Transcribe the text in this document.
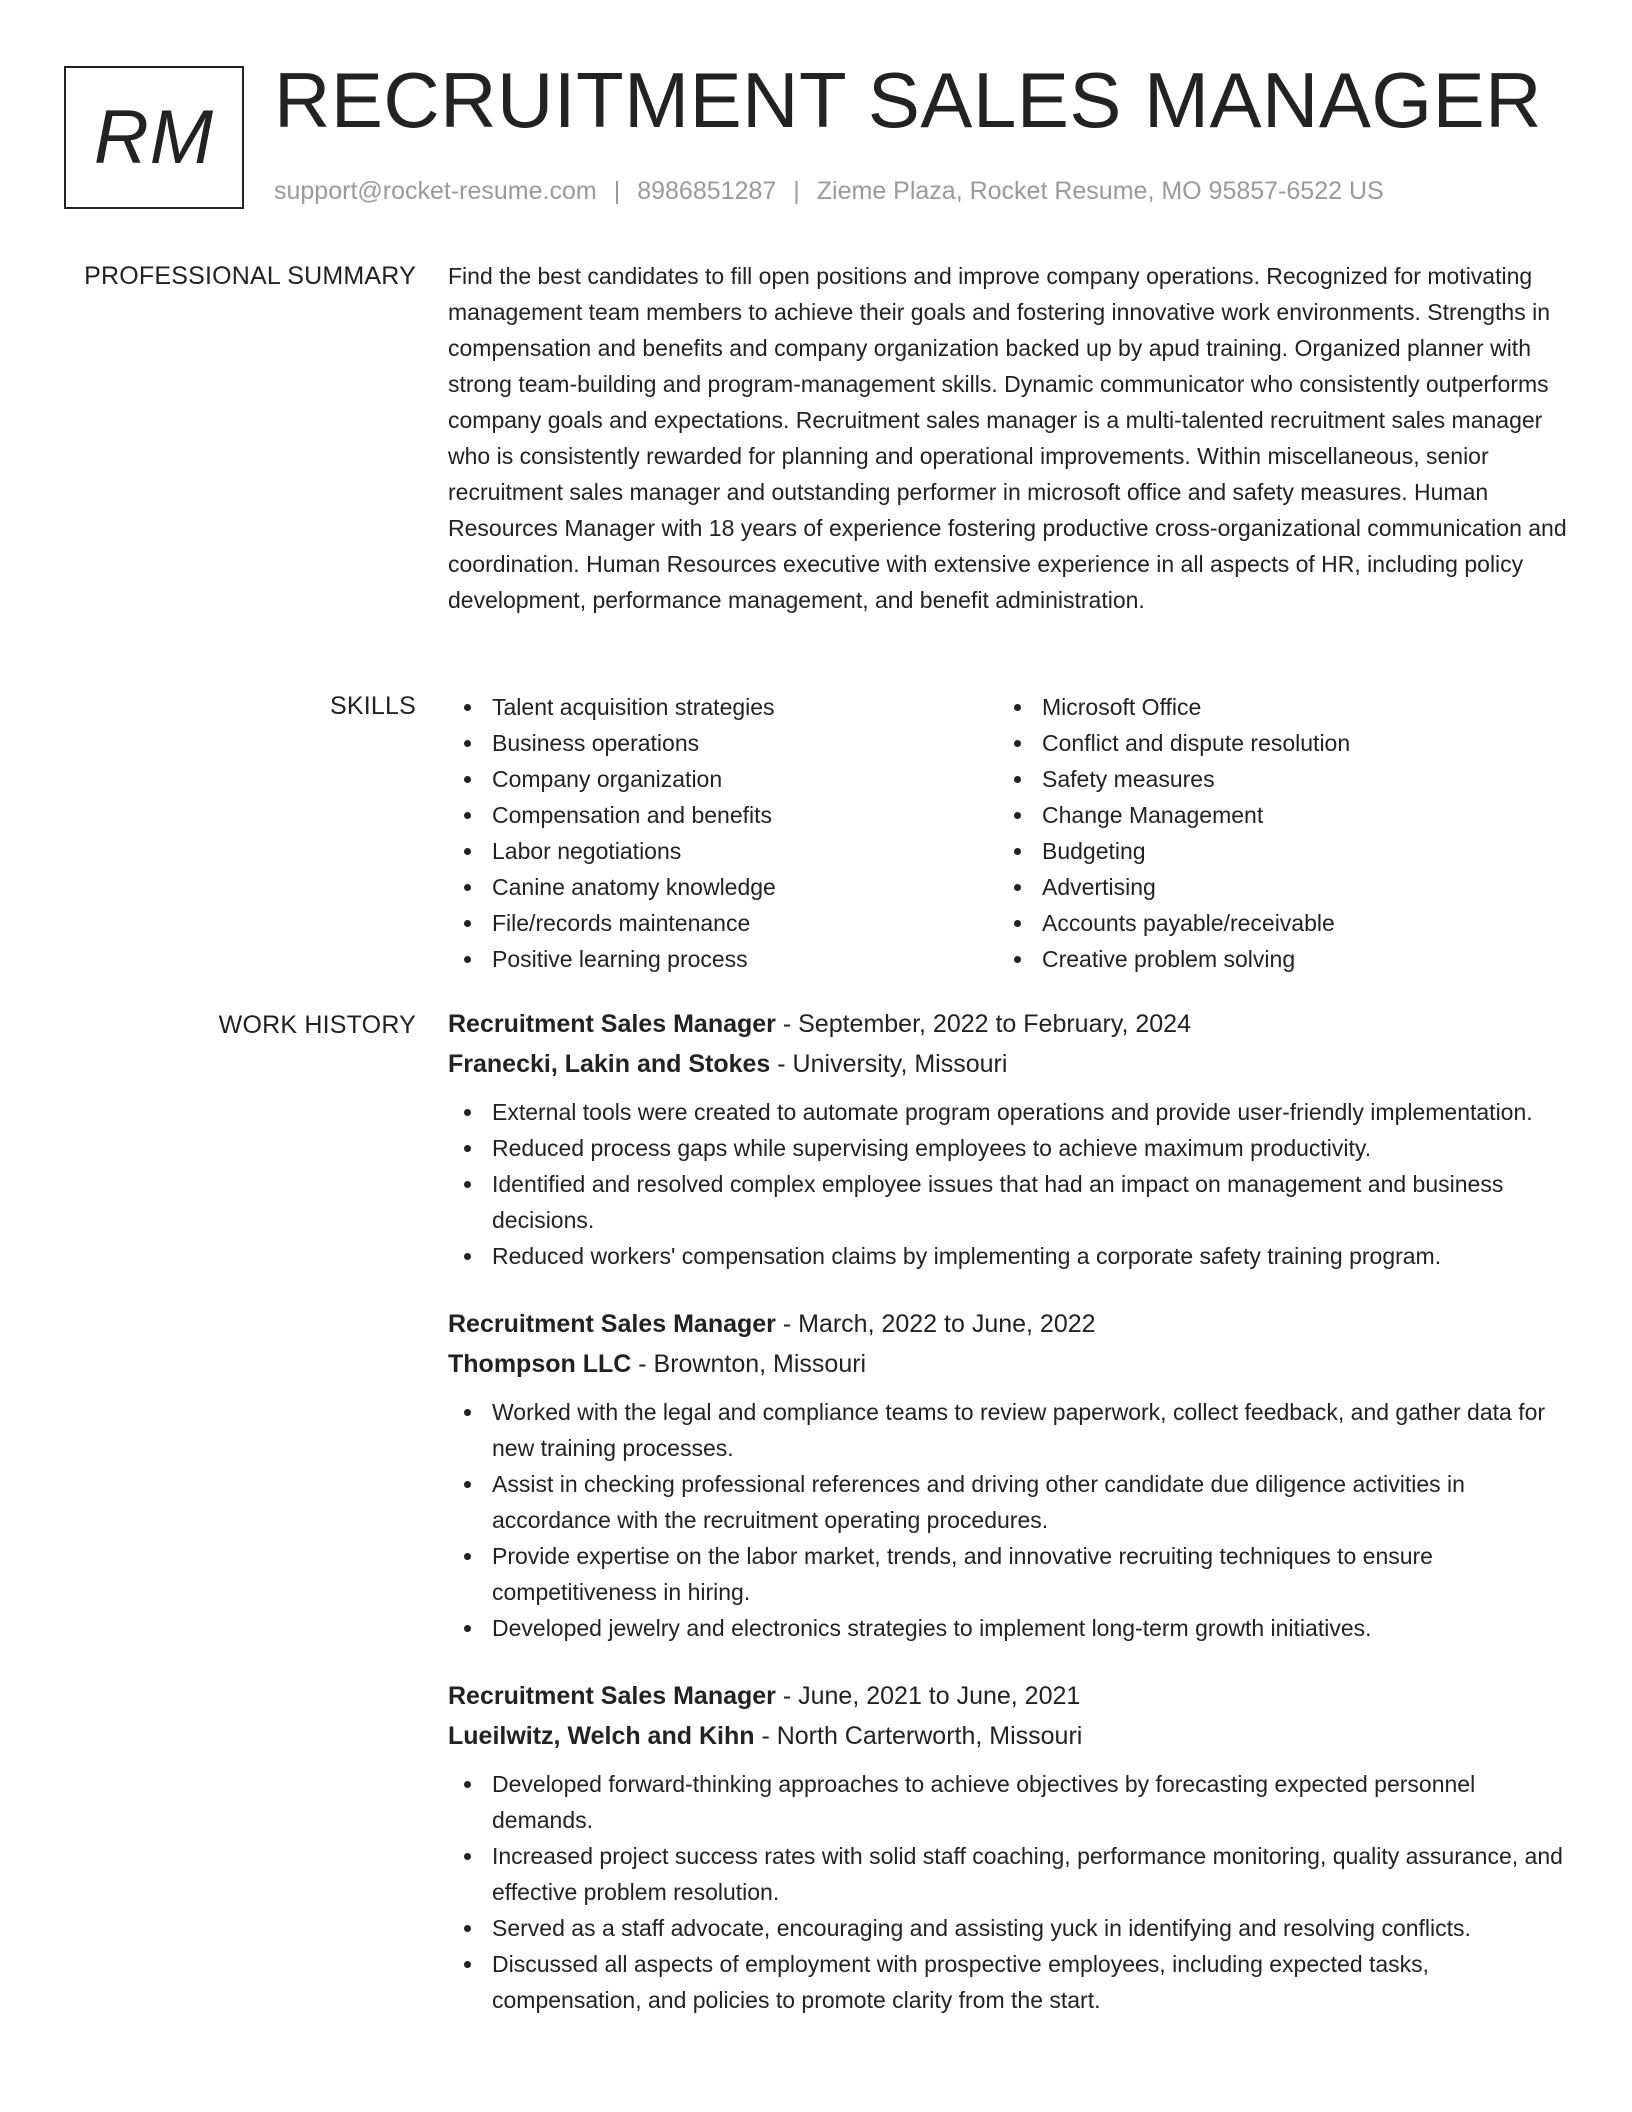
RM RECRUITMENT SALES MANAGER
support@rocket-resume.com | 8986851287 | Zieme Plaza, Rocket Resume, MO 95857-6522 US
PROFESSIONAL SUMMARY Find the best candidates to fill open positions and improve company operations. Recognized for motivating management team members to achieve their goals and fostering innovative work environments. Strengths in compensation and benefits and company organization backed up by apud training. Organized planner with strong team-building and program-management skills. Dynamic communicator who consistently outperforms company goals and expectations. Recruitment sales manager is a multi-talented recruitment sales manager who is consistently rewarded for planning and operational improvements. Within miscellaneous, senior recruitment sales manager and outstanding performer in microsoft office and safety measures. Human Resources Manager with 18 years of experience fostering productive cross-organizational communication and coordination. Human Resources executive with extensive experience in all aspects of HR, including policy development, performance management, and benefit administration.

SKILLS	Talent acquisition strategies
Business operations
Company organization
Compensation and benefits
Labor negotiations
Canine anatomy knowledge
File/records maintenance
Positive learning process
Microsoft Office
Conflict and dispute resolution
Safety measures
Change Management
Budgeting
Advertising
Accounts payable/receivable
Creative problem solving
WORK HISTORY Recruitment Sales Manager - September, 2022 to February, 2024
Franecki, Lakin and Stokes - University, Missouri
External tools were created to automate program operations and provide user-friendly implementation.
Reduced process gaps while supervising employees to achieve maximum productivity.
Identified and resolved complex employee issues that had an impact on management and business decisions.
Reduced workers' compensation claims by implementing a corporate safety training program.
Recruitment Sales Manager - March, 2022 to June, 2022
Thompson LLC - Brownton, Missouri
Worked with the legal and compliance teams to review paperwork, collect feedback, and gather data for new training processes.
Assist in checking professional references and driving other candidate due diligence activities in accordance with the recruitment operating procedures.
Provide expertise on the labor market, trends, and innovative recruiting techniques to ensure competitiveness in hiring.
Developed jewelry and electronics strategies to implement long-term growth initiatives.
Recruitment Sales Manager - June, 2021 to June, 2021
Lueilwitz, Welch and Kihn - North Carterworth, Missouri
Developed forward-thinking approaches to achieve objectives by forecasting expected personnel demands.
Increased project success rates with solid staff coaching, performance monitoring, quality assurance, and effective problem resolution.
Served as a staff advocate, encouraging and assisting yuck in identifying and resolving conflicts.
Discussed all aspects of employment with prospective employees, including expected tasks, compensation, and policies to promote clarity from the start.
